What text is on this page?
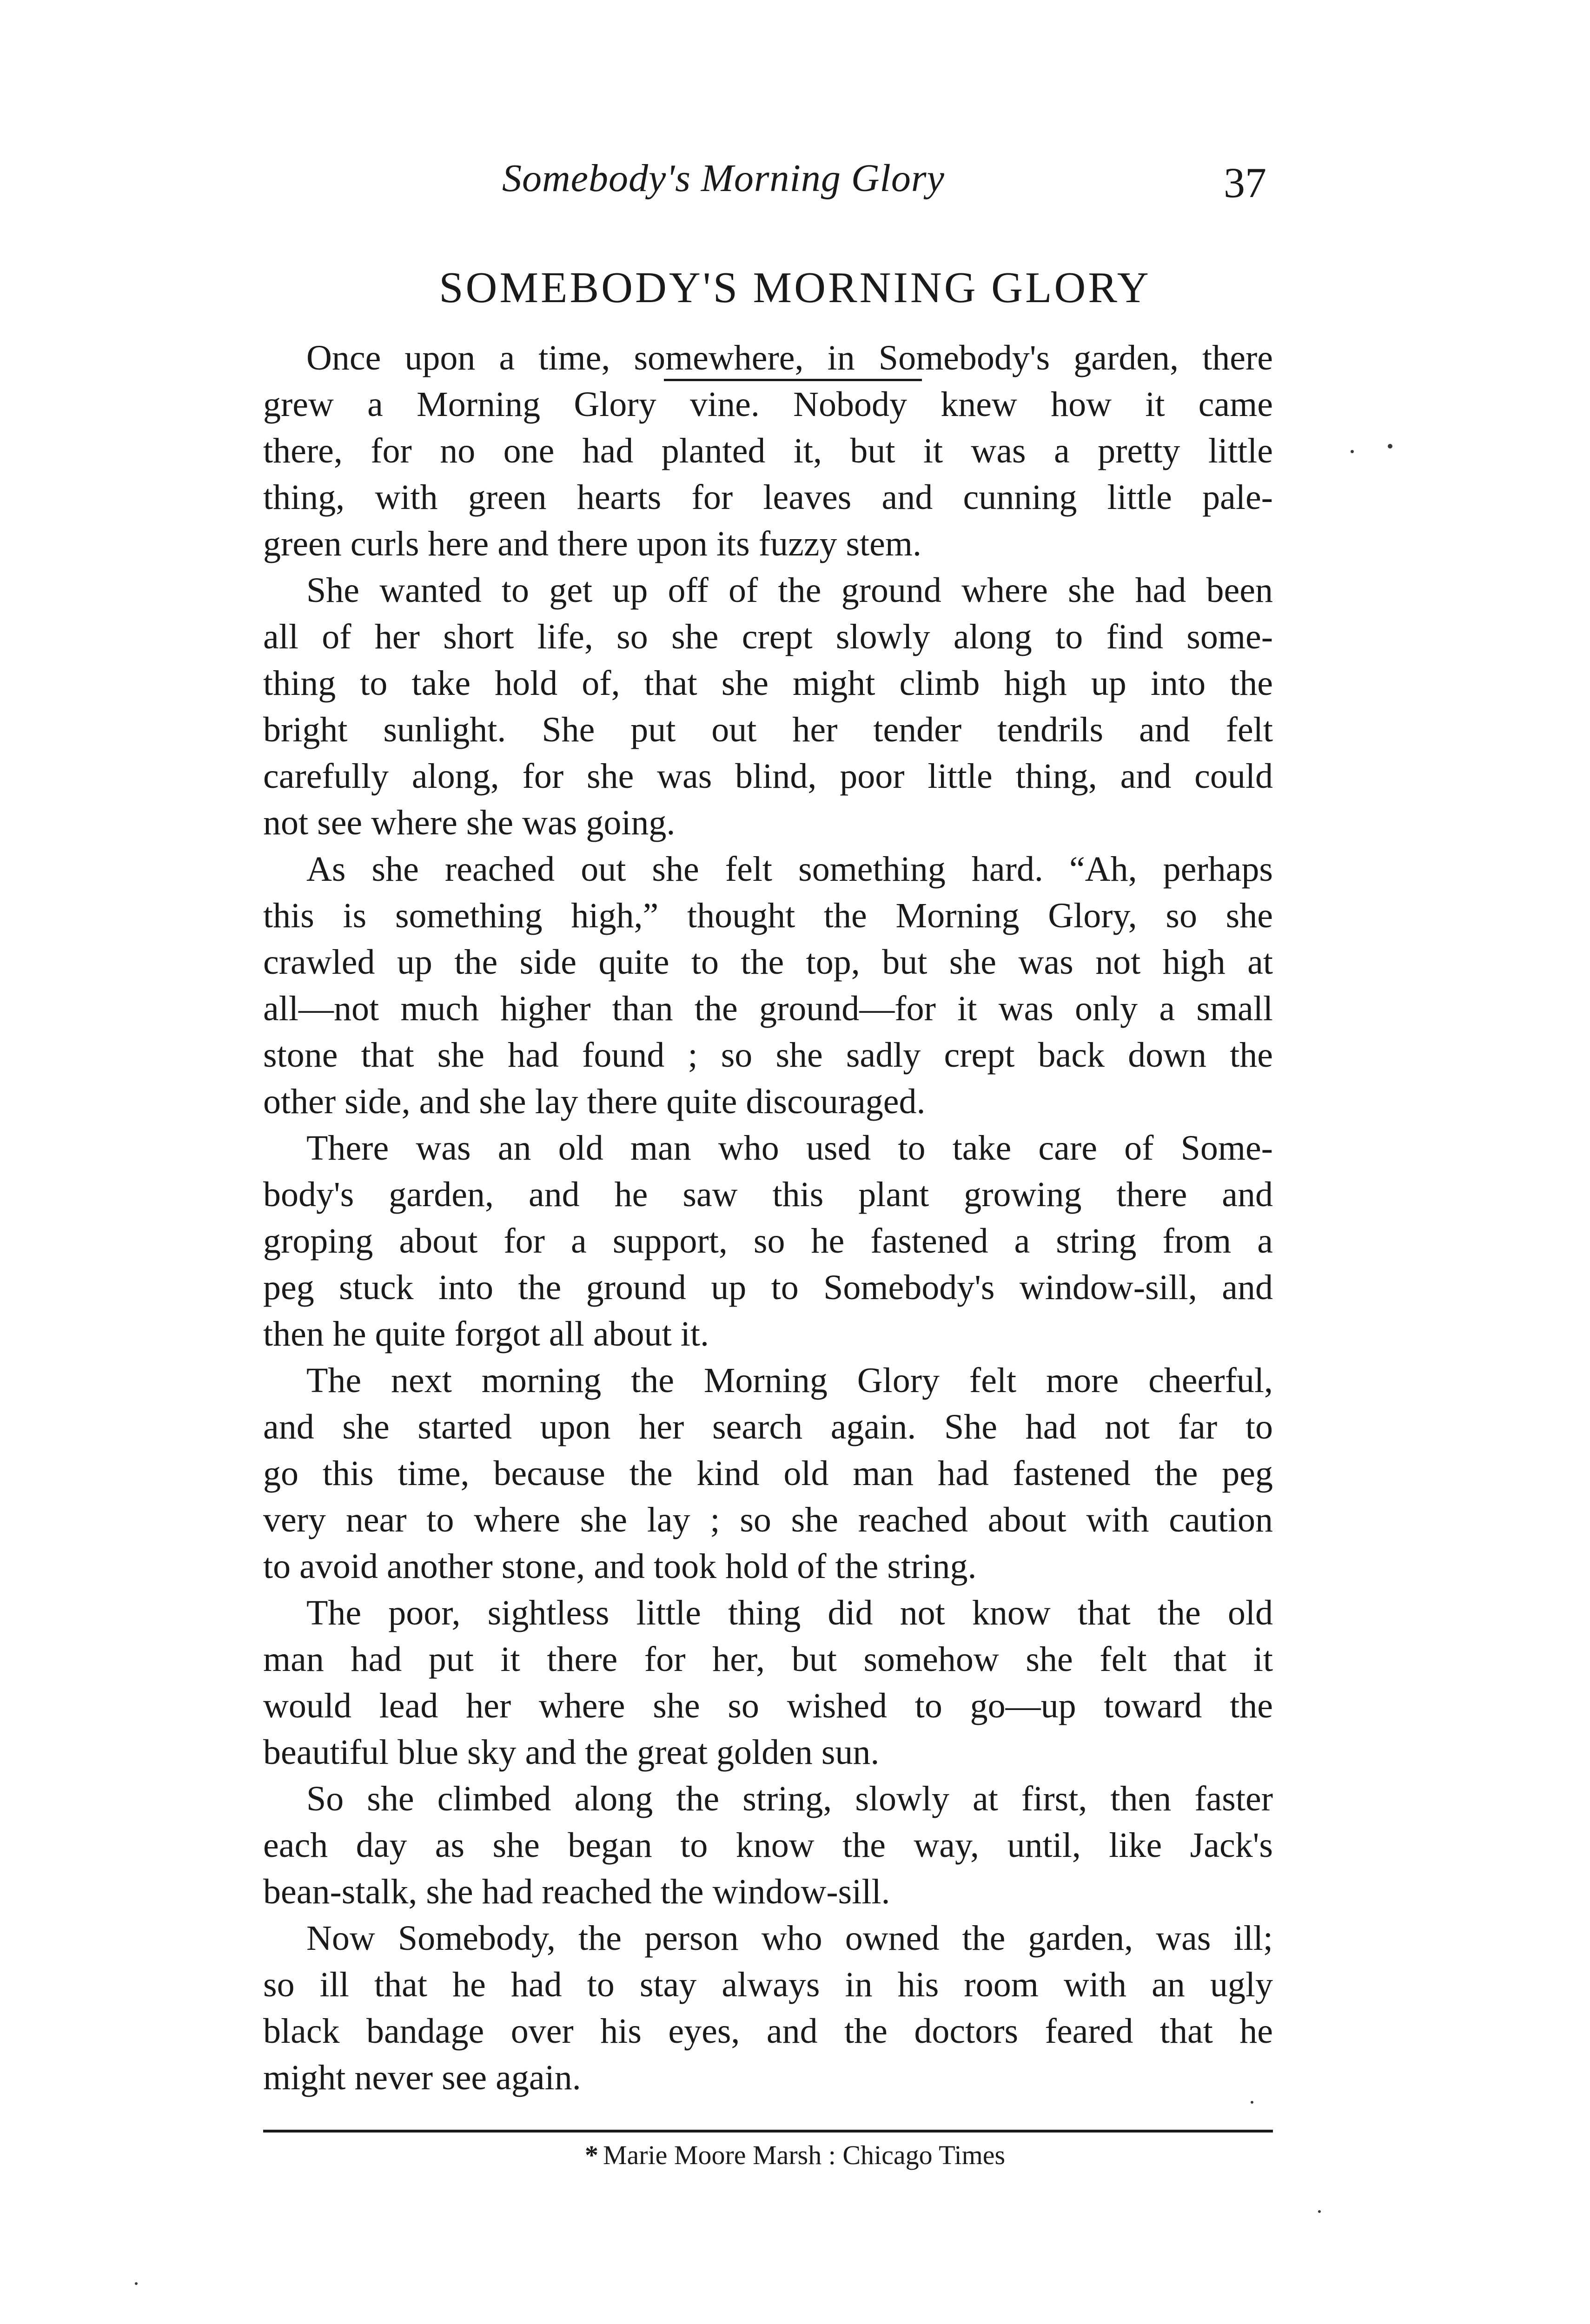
Somebody's Morning Glory	37
SOMEBODY'S MORNING GLORY
Once upon a time, somewhere, in Somebody's garden, there
grew a Morning Glory vine. Nobody knew how it came
there, for no one had planted it, but it was a pretty little
thing, with green hearts for leaves and cunning little pale-
green curls here and there upon its fuzzy stem.
She wanted to get up off of the ground where she had been
all of her short life, so she crept slowly along to find some-
thing to take hold of, that she might climb high up into the
bright sunlight. She put out her tender tendrils and felt
carefully along, for she was blind, poor little thing, and could
not see where she was going.
As she reached out she felt something hard. “Ah, perhaps
this is something high,” thought the Morning Glory, so she
crawled up the side quite to the top, but she was not high at
all—not much higher than the ground—for it was only a small
stone that she had found ; so she sadly crept back down the
other side, and she lay there quite discouraged.
There was an old man who used to take care of Some-
body's garden, and he saw this plant growing there and
groping about for a support, so he fastened a string from a
peg stuck into the ground up to Somebody's window-sill, and
then he quite forgot all about it.
The next morning the Morning Glory felt more cheerful,
and she started upon her search again. She had not far to
go this time, because the kind old man had fastened the peg
very near to where she lay ; so she reached about with caution
to avoid another stone, and took hold of the string.
The poor, sightless little thing did not know that the old
man had put it there for her, but somehow she felt that it
would lead her where she so wished to go—up toward the
beautiful blue sky and the great golden sun.
So she climbed along the string, slowly at first, then faster
each day as she began to know the way, until, like Jack's
bean-stalk, she had reached the window-sill.
Now Somebody, the person who owned the garden, was ill;
so ill that he had to stay always in his room with an ugly
black bandage over his eyes, and the doctors feared that he
might never see again.
* Marie Moore Marsh : Chicago Times
